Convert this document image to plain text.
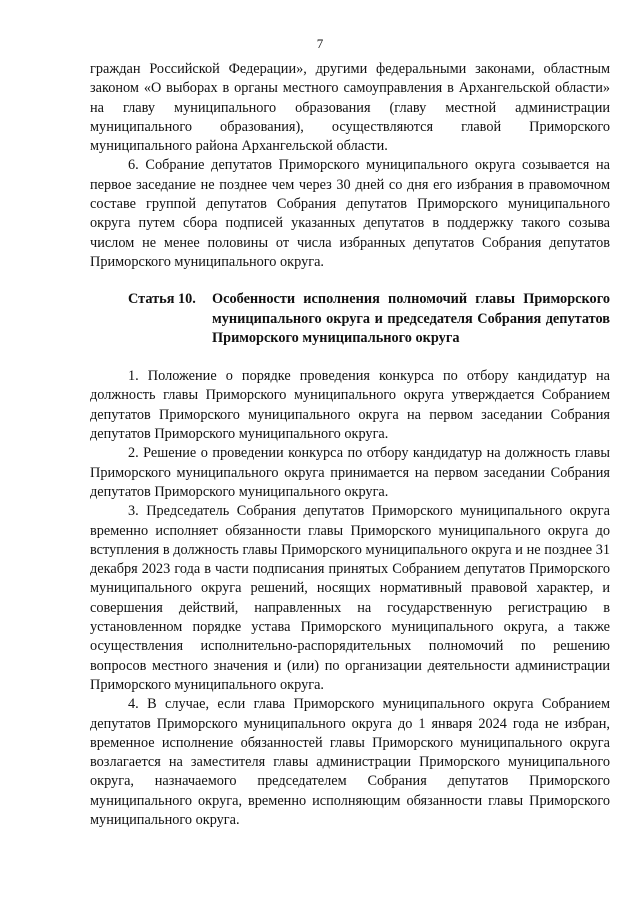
7

граждан Российской Федерации», другими федеральными законами, областным законом «О выборах в органы местного самоуправления в Архангельской области» на главу муниципального образования (главу местной администрации муниципального образования), осуществляются главой Приморского муниципального района Архангельской области.

6. Собрание депутатов Приморского муниципального округа созывается на первое заседание не позднее чем через 30 дней со дня его избрания в правомочном составе группой депутатов Собрания депутатов Приморского муниципального округа путем сбора подписей указанных депутатов в поддержку такого созыва числом не менее половины от числа избранных депутатов Собрания депутатов Приморского муниципального округа.

Статья 10.	Особенности исполнения полномочий главы Приморского муниципального округа и председателя Собрания депутатов Приморского муниципального округа

1. Положение о порядке проведения конкурса по отбору кандидатур на должность главы Приморского муниципального округа утверждается Собранием депутатов Приморского муниципального округа на первом заседании Собрания депутатов Приморского муниципального округа.

2. Решение о проведении конкурса по отбору кандидатур на должность главы Приморского муниципального округа принимается на первом заседании Собрания депутатов Приморского муниципального округа.

3. Председатель Собрания депутатов Приморского муниципального округа временно исполняет обязанности главы Приморского муниципального округа до вступления в должность главы Приморского муниципального округа и не позднее 31 декабря 2023 года в части подписания принятых Собранием депутатов Приморского муниципального округа решений, носящих нормативный правовой характер, и совершения действий, направленных на государственную регистрацию в установленном порядке устава Приморского муниципального округа, а также осуществления исполнительно-распорядительных полномочий по решению вопросов местного значения и (или) по организации деятельности администрации Приморского муниципального округа.

4. В случае, если глава Приморского муниципального округа Собранием депутатов Приморского муниципального округа до 1 января 2024 года не избран, временное исполнение обязанностей главы Приморского муниципального округа возлагается на заместителя главы администрации Приморского муниципального округа, назначаемого председателем Собрания депутатов Приморского муниципального округа, временно исполняющим обязанности главы Приморского муниципального округа.
